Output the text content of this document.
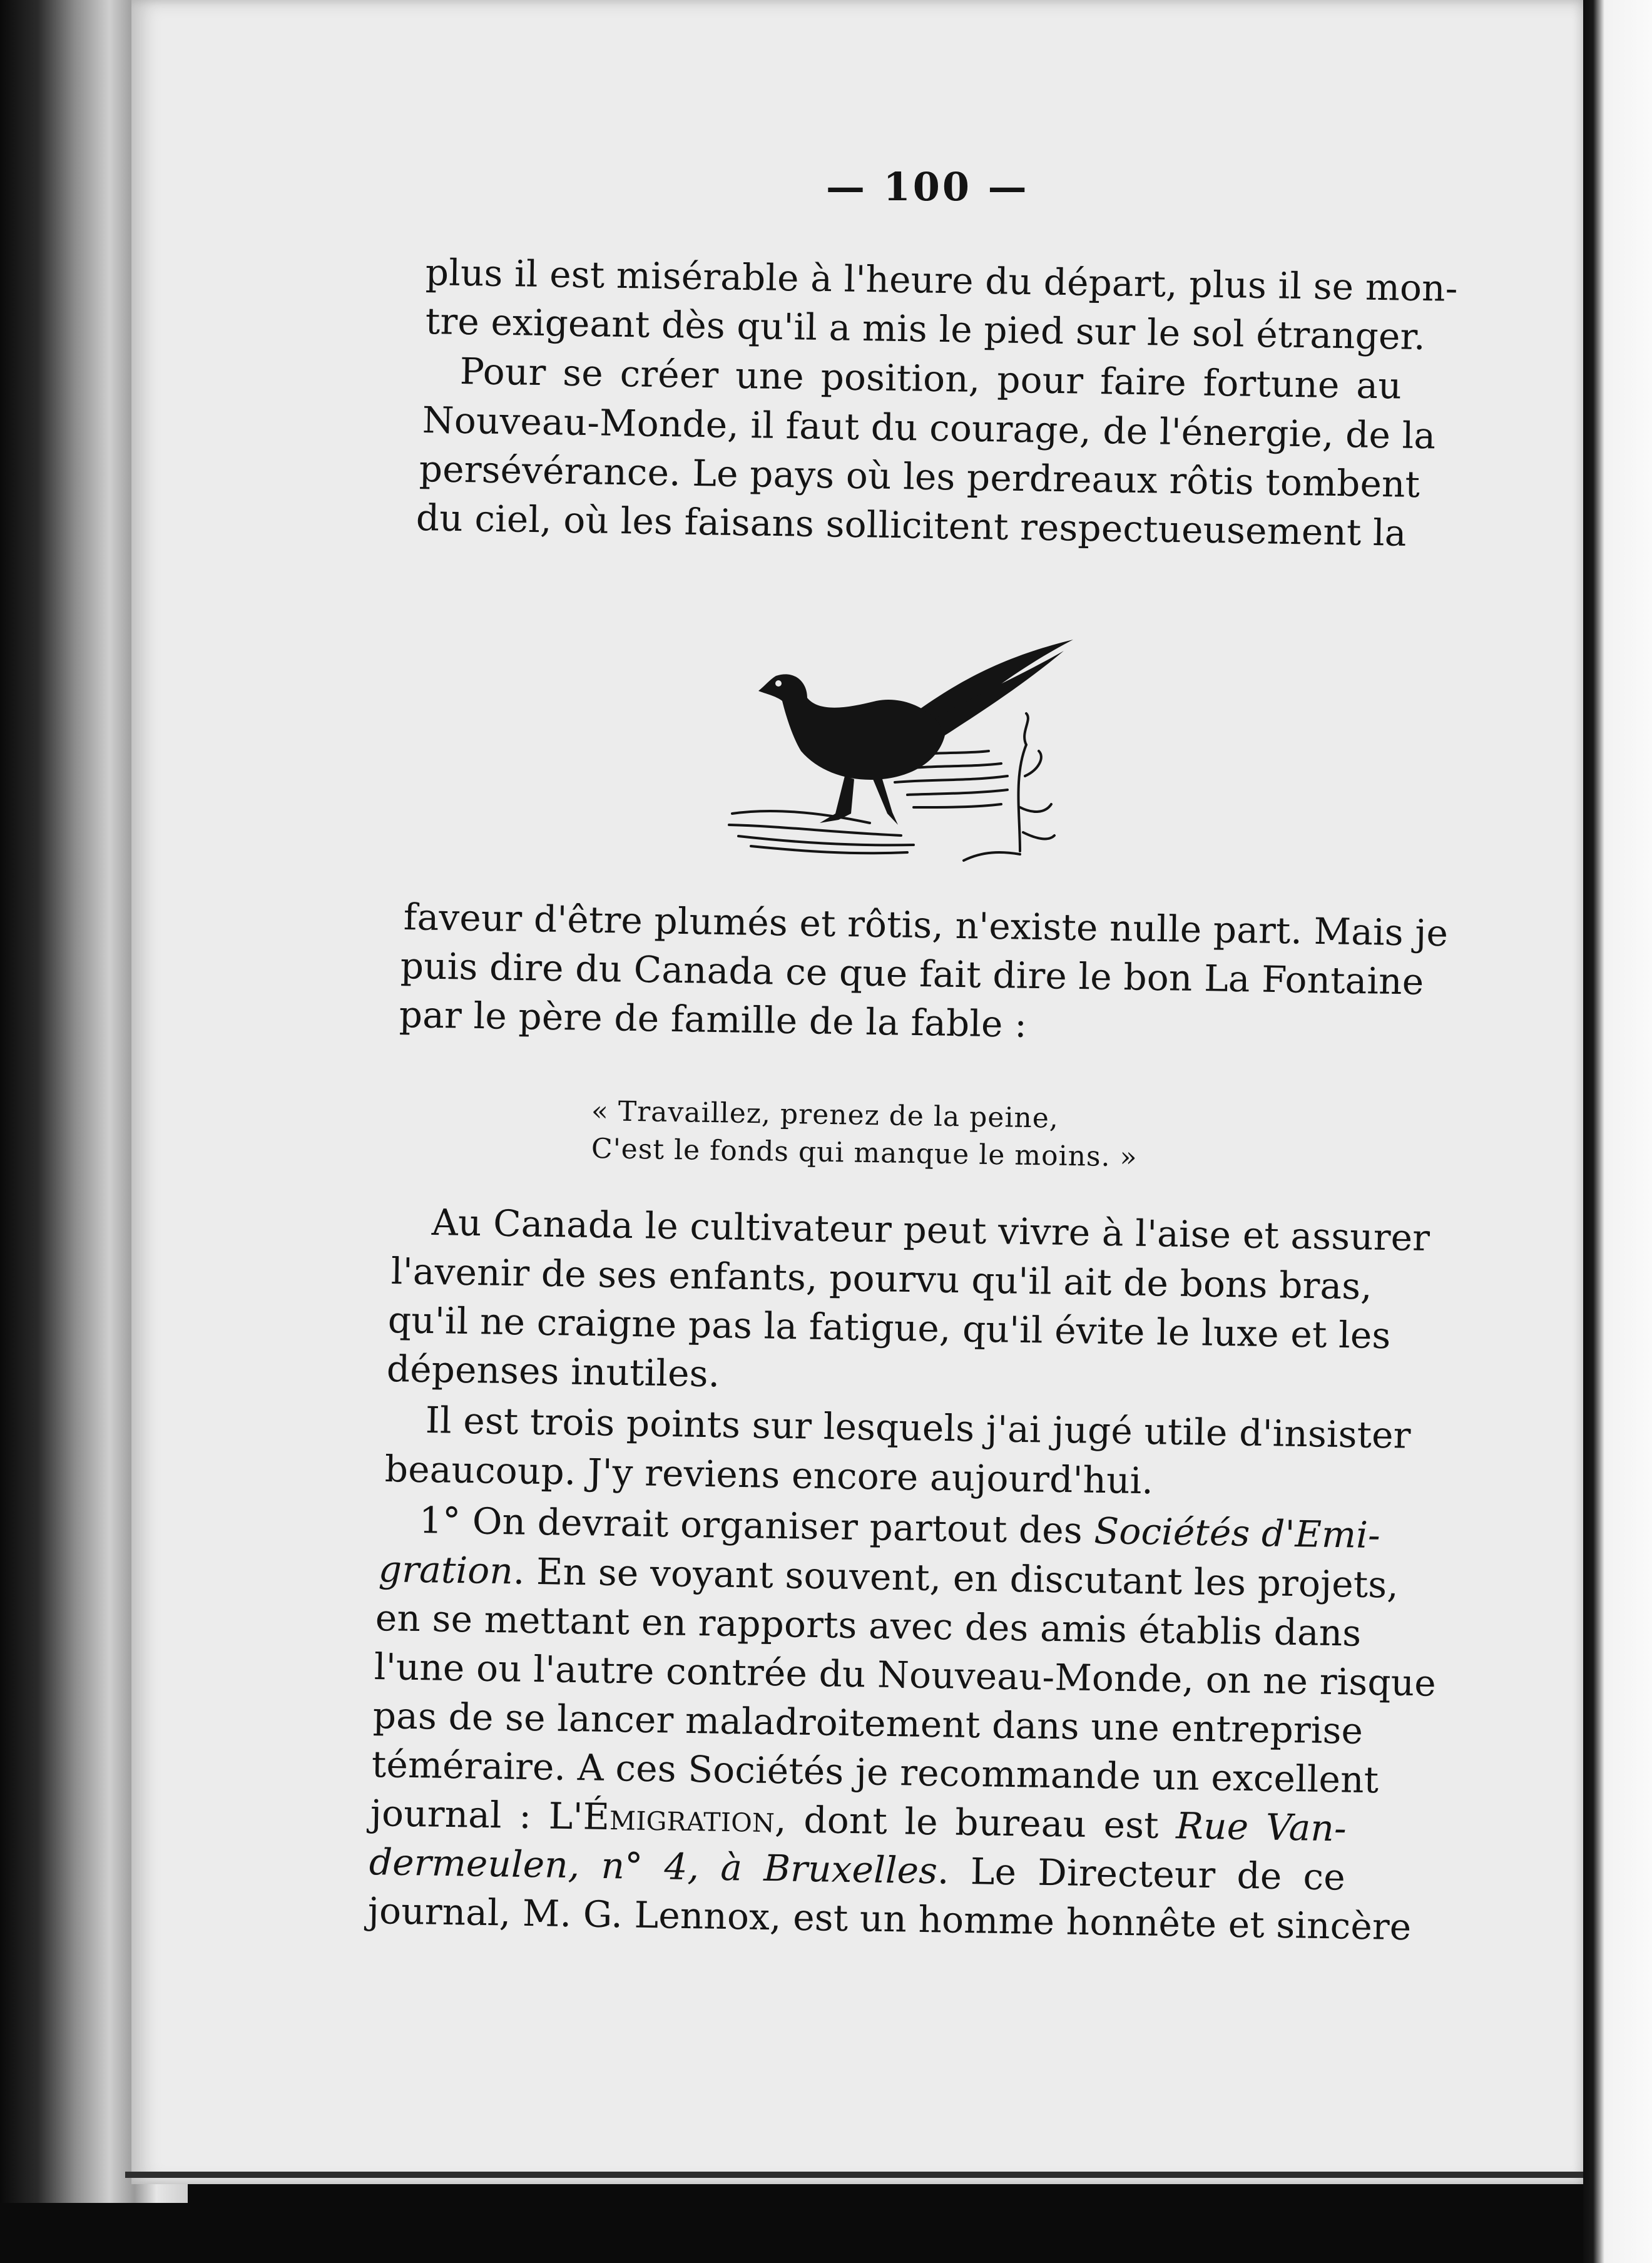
— 100 —

plus il est misérable à l'heure du départ, plus il se mon-

tre exigeant dès qu'il a mis le pied sur le sol étranger.

Pour se créer une position, pour faire fortune au

Nouveau-Monde, il faut du courage, de l'énergie, de la

persévérance. Le pays où les perdreaux rôtis tombent

du ciel, où les faisans sollicitent respectueusement la

faveur d'être plumés et rôtis, n'existe nulle part. Mais je

puis dire du Canada ce que fait dire le bon La Fontaine

par le père de famille de la fable :

« Travaillez, prenez de la peine,

C'est le fonds qui manque le moins. »

Au Canada le cultivateur peut vivre à l'aise et assurer

l'avenir de ses enfants, pourvu qu'il ait de bons bras,

qu'il ne craigne pas la fatigue, qu'il évite le luxe et les

dépenses inutiles.

Il est trois points sur lesquels j'ai jugé utile d'insister

beaucoup. J'y reviens encore aujourd'hui.

1° On devrait organiser partout des Sociétés d'Emi-

gration. En se voyant souvent, en discutant les projets,

en se mettant en rapports avec des amis établis dans

l'une ou l'autre contrée du Nouveau-Monde, on ne risque

pas de se lancer maladroitement dans une entreprise

téméraire. A ces Sociétés je recommande un excellent

journal : L'Émigration, dont le bureau est Rue Van-

dermeulen, n° 4, à Bruxelles. Le Directeur de ce

journal, M. G. Lennox, est un homme honnête et sincère
